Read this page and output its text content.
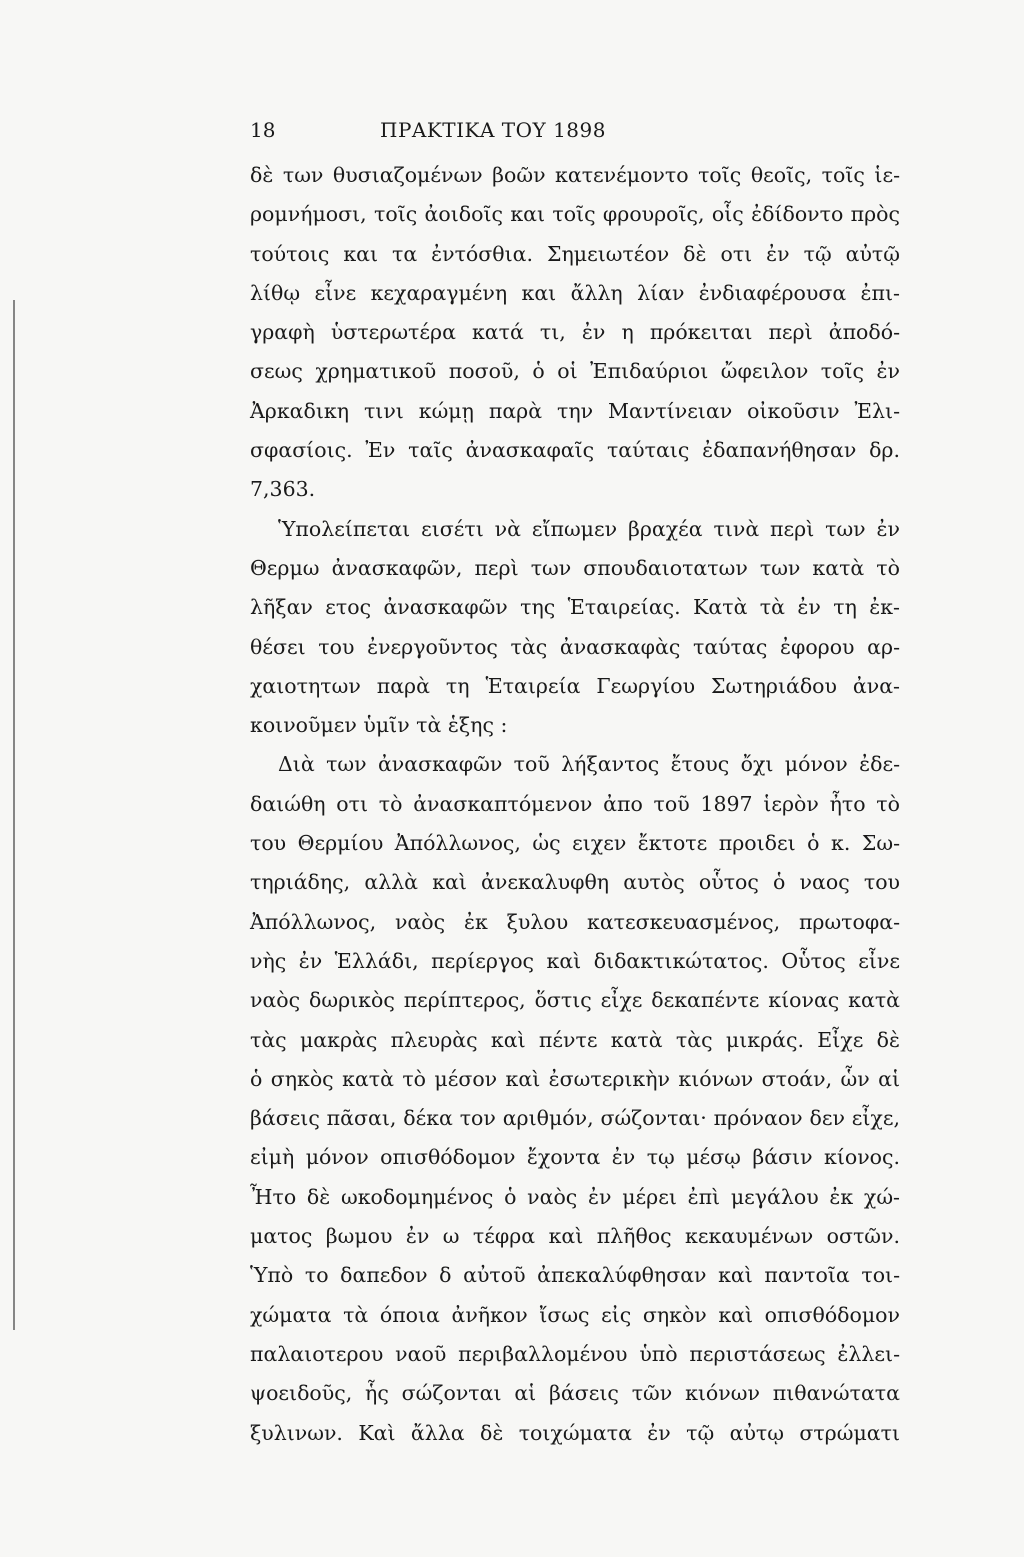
18	ΠΡΑΚΤΙΚΑ ΤΟΥ 1898
δὲ των θυσιαζομένων βοῶν κατενέμοντο τοῖς θεοῖς, τοῖς ἱε-
ρομνήμοσι, τοῖς ἀοιδοῖς και τοῖς φρουροῖς, οἷς ἐδίδοντο πρὸς
τούτοις και τα ἐντόσθια. Σημειωτέον δὲ οτι ἐν τῷ αὐτῷ
λίθῳ εἶνε κεχαραγμένη και ἄλλη λίαν ἐνδιαφέρουσα ἐπι-
γραφὴ ὑστερωτέρα κατά τι, ἐν η πρόκειται περὶ ἀποδό-
σεως χρηματικοῦ ποσοῦ, ὁ οἱ Ἐπιδαύριοι ὤφειλον τοῖς ἐν
Ἀρκαδικη τινι κώμῃ παρὰ την Μαντίνειαν οἰκοῦσιν Ἐλι-
σφασίοις. Ἐν ταῖς ἀνασκαφαῖς ταύταις ἐδαπανήθησαν δρ.
7,363.
Ὑπολείπεται εισέτι νὰ εἴπωμεν βραχέα τινὰ περὶ των ἐν
Θερμω ἀνασκαφῶν, περὶ των σπουδαιοτατων των κατὰ τὸ
λῆξαν ετος ἀνασκαφῶν της Ἑταιρείας. Κατὰ τὰ ἐν τη ἐκ-
θέσει του ἐνεργοῦντος τὰς ἀνασκαφὰς ταύτας ἐφορου αρ-
χαιοτητων παρὰ τη Ἑταιρεία Γεωργίου Σωτηριάδου ἀνα-
κοινοῦμεν ὑμῖν τὰ ἑξης :
Διὰ των ἀνασκαφῶν τοῦ λήξαντος ἔτους ὄχι μόνον ἐδε-
δαιώθη οτι τὸ ἀνασκαπτόμενον ἀπο τοῦ 1897 ἱερὸν ἦτο τὸ
του Θερμίου Ἀπόλλωνος, ὡς ειχεν ἔκτοτε προιδει ὁ κ. Σω-
τηριάδης, αλλὰ καὶ ἀνεκαλυφθη αυτὸς οὗτος ὁ ναος του
Ἀπόλλωνος, ναὸς ἐκ ξυλου κατεσκευασμένος, πρωτοφα-
νὴς ἐν Ἑλλάδι, περίεργος καὶ διδακτικώτατος. Οὗτος εἶνε
ναὸς δωρικὸς περίπτερος, ὅστις εἶχε δεκαπέντε κίονας κατὰ
τὰς μακρὰς πλευρὰς καὶ πέντε κατὰ τὰς μικράς. Εἶχε δὲ
ὁ σηκὸς κατὰ τὸ μέσον καὶ ἐσωτερικὴν κιόνων στοάν, ὧν αἱ
βάσεις πᾶσαι, δέκα τον αριθμόν, σώζονται· πρόναον δεν εἶχε,
εἰμὴ μόνον οπισθόδομον ἔχοντα ἐν τῳ μέσῳ βάσιν κίονος.
Ἦτο δὲ ωκοδομημένος ὁ ναὸς ἐν μέρει ἐπὶ μεγάλου ἐκ χώ-
ματος βωμου ἐν ω τέφρα καὶ πλῆθος κεκαυμένων οστῶν.
Ὑπὸ το δαπεδον δ αὐτοῦ ἀπεκαλύφθησαν καὶ παντοῖα τοι-
χώματα τὰ όποια ἀνῆκον ἴσως εἰς σηκὸν καὶ οπισθόδομον
παλαιοτερου ναοῦ περιβαλλομένου ὑπὸ περιστάσεως ἐλλει-
ψοειδοῦς, ἧς σώζονται αἱ βάσεις τῶν κιόνων πιθανώτατα
ξυλινων. Καὶ ἄλλα δὲ τοιχώματα ἐν τῷ αὐτῳ στρώματι
